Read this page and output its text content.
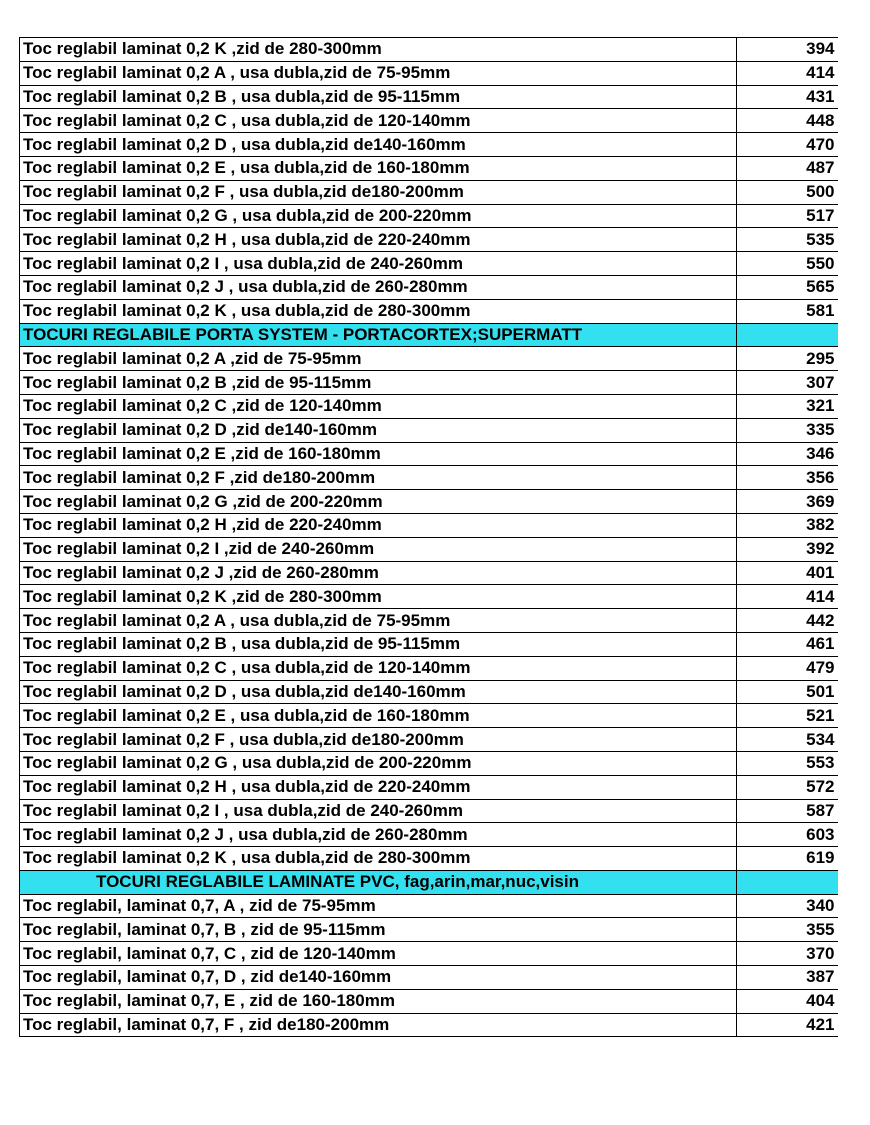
Toc reglabil laminat 0,2 K ,zid de 280-300mm	394
Toc reglabil laminat 0,2 A , usa dubla,zid de 75-95mm	414
Toc reglabil laminat 0,2 B , usa dubla,zid de 95-115mm	431
Toc reglabil laminat 0,2 C , usa dubla,zid de 120-140mm	448
Toc reglabil laminat 0,2 D , usa dubla,zid de140-160mm	470
Toc reglabil laminat 0,2 E , usa dubla,zid de 160-180mm	487
Toc reglabil laminat 0,2 F , usa dubla,zid de180-200mm	500
Toc reglabil laminat 0,2 G , usa dubla,zid de 200-220mm	517
Toc reglabil laminat 0,2 H , usa dubla,zid de 220-240mm	535
Toc reglabil laminat 0,2 I , usa dubla,zid de 240-260mm	550
Toc reglabil laminat 0,2 J , usa dubla,zid de 260-280mm	565
Toc reglabil laminat 0,2 K , usa dubla,zid de 280-300mm	581
TOCURI REGLABILE PORTA SYSTEM - PORTACORTEX;SUPERMATT	
Toc reglabil laminat 0,2 A ,zid de 75-95mm	295
Toc reglabil laminat 0,2 B ,zid de 95-115mm	307
Toc reglabil laminat 0,2 C ,zid de 120-140mm	321
Toc reglabil laminat 0,2 D ,zid de140-160mm	335
Toc reglabil laminat 0,2 E ,zid de 160-180mm	346
Toc reglabil laminat 0,2 F ,zid de180-200mm	356
Toc reglabil laminat 0,2 G ,zid de 200-220mm	369
Toc reglabil laminat 0,2 H ,zid de 220-240mm	382
Toc reglabil laminat 0,2 I ,zid de 240-260mm	392
Toc reglabil laminat 0,2 J ,zid de 260-280mm	401
Toc reglabil laminat 0,2 K ,zid de 280-300mm	414
Toc reglabil laminat 0,2 A , usa dubla,zid de 75-95mm	442
Toc reglabil laminat 0,2 B , usa dubla,zid de 95-115mm	461
Toc reglabil laminat 0,2 C , usa dubla,zid de 120-140mm	479
Toc reglabil laminat 0,2 D , usa dubla,zid de140-160mm	501
Toc reglabil laminat 0,2 E , usa dubla,zid de 160-180mm	521
Toc reglabil laminat 0,2 F , usa dubla,zid de180-200mm	534
Toc reglabil laminat 0,2 G , usa dubla,zid de 200-220mm	553
Toc reglabil laminat 0,2 H , usa dubla,zid de 220-240mm	572
Toc reglabil laminat 0,2 I , usa dubla,zid de 240-260mm	587
Toc reglabil laminat 0,2 J , usa dubla,zid de 260-280mm	603
Toc reglabil laminat 0,2 K , usa dubla,zid de 280-300mm	619
TOCURI REGLABILE LAMINATE PVC, fag,arin,mar,nuc,visin	
Toc reglabil, laminat 0,7, A , zid de 75-95mm	340
Toc reglabil, laminat 0,7, B , zid de 95-115mm	355
Toc reglabil, laminat 0,7, C , zid de 120-140mm	370
Toc reglabil, laminat 0,7, D , zid de140-160mm	387
Toc reglabil, laminat 0,7, E , zid de 160-180mm	404
Toc reglabil, laminat 0,7, F , zid de180-200mm	421
